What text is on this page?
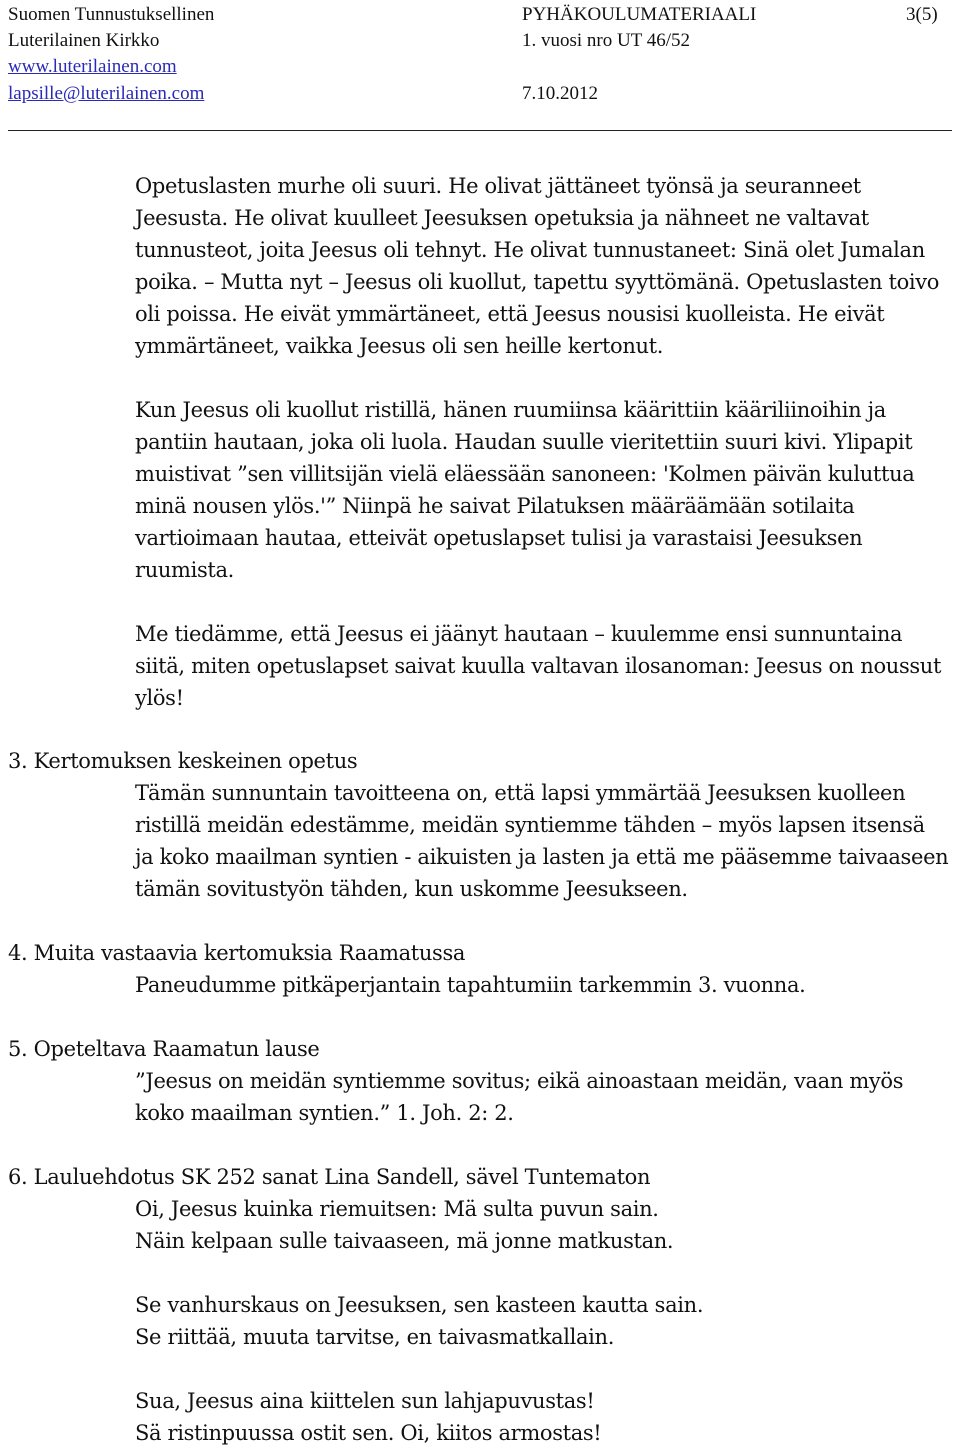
Suomen Tunnustuksellinen
Luterilainen Kirkko
www.luterilainen.com
lapsille@luterilainen.com
PYHÄKOULUMATERIAALI
1. vuosi nro UT 46/52
7.10.2012
3(5)
Opetuslasten murhe oli suuri. He olivat jättäneet työnsä ja seuranneet
Jeesusta. He olivat kuulleet Jeesuksen opetuksia ja nähneet ne valtavat
tunnusteot, joita Jeesus oli tehnyt. He olivat tunnustaneet: Sinä olet Jumalan
poika. – Mutta nyt – Jeesus oli kuollut, tapettu syyttömänä. Opetuslasten toivo
oli poissa. He eivät ymmärtäneet, että Jeesus nousisi kuolleista. He eivät
ymmärtäneet, vaikka Jeesus oli sen heille kertonut.
Kun Jeesus oli kuollut ristillä, hänen ruumiinsa käärittiin kääriliinoihin ja
pantiin hautaan, joka oli luola. Haudan suulle vieritettiin suuri kivi. Ylipapit
muistivat ”sen villitsijän vielä eläessään sanoneen: 'Kolmen päivän kuluttua
minä nousen ylös.'” Niinpä he saivat Pilatuksen määräämään sotilaita
vartioimaan hautaa, etteivät opetuslapset tulisi ja varastaisi Jeesuksen
ruumista.
Me tiedämme, että Jeesus ei jäänyt hautaan – kuulemme ensi sunnuntaina
siitä, miten opetuslapset saivat kuulla valtavan ilosanoman: Jeesus on noussut
ylös!
3. Kertomuksen keskeinen opetus
Tämän sunnuntain tavoitteena on, että lapsi ymmärtää Jeesuksen kuolleen
ristillä meidän edestämme, meidän syntiemme tähden – myös lapsen itsensä
ja koko maailman syntien - aikuisten ja lasten ja että me pääsemme taivaaseen
tämän sovitustyön tähden, kun uskomme Jeesukseen.
4. Muita vastaavia kertomuksia Raamatussa
Paneudumme pitkäperjantain tapahtumiin tarkemmin 3. vuonna.
5. Opeteltava Raamatun lause
”Jeesus on meidän syntiemme sovitus; eikä ainoastaan meidän, vaan myös
koko maailman syntien.” 1. Joh. 2: 2.
6. Lauluehdotus SK 252 sanat Lina Sandell, sävel Tuntematon
Oi, Jeesus kuinka riemuitsen: Mä sulta puvun sain.
Näin kelpaan sulle taivaaseen, mä jonne matkustan.
Se vanhurskaus on Jeesuksen, sen kasteen kautta sain.
Se riittää, muuta tarvitse, en taivasmatkallain.
Sua, Jeesus aina kiittelen sun lahjapuvustas!
Sä ristinpuussa ostit sen. Oi, kiitos armostas!
